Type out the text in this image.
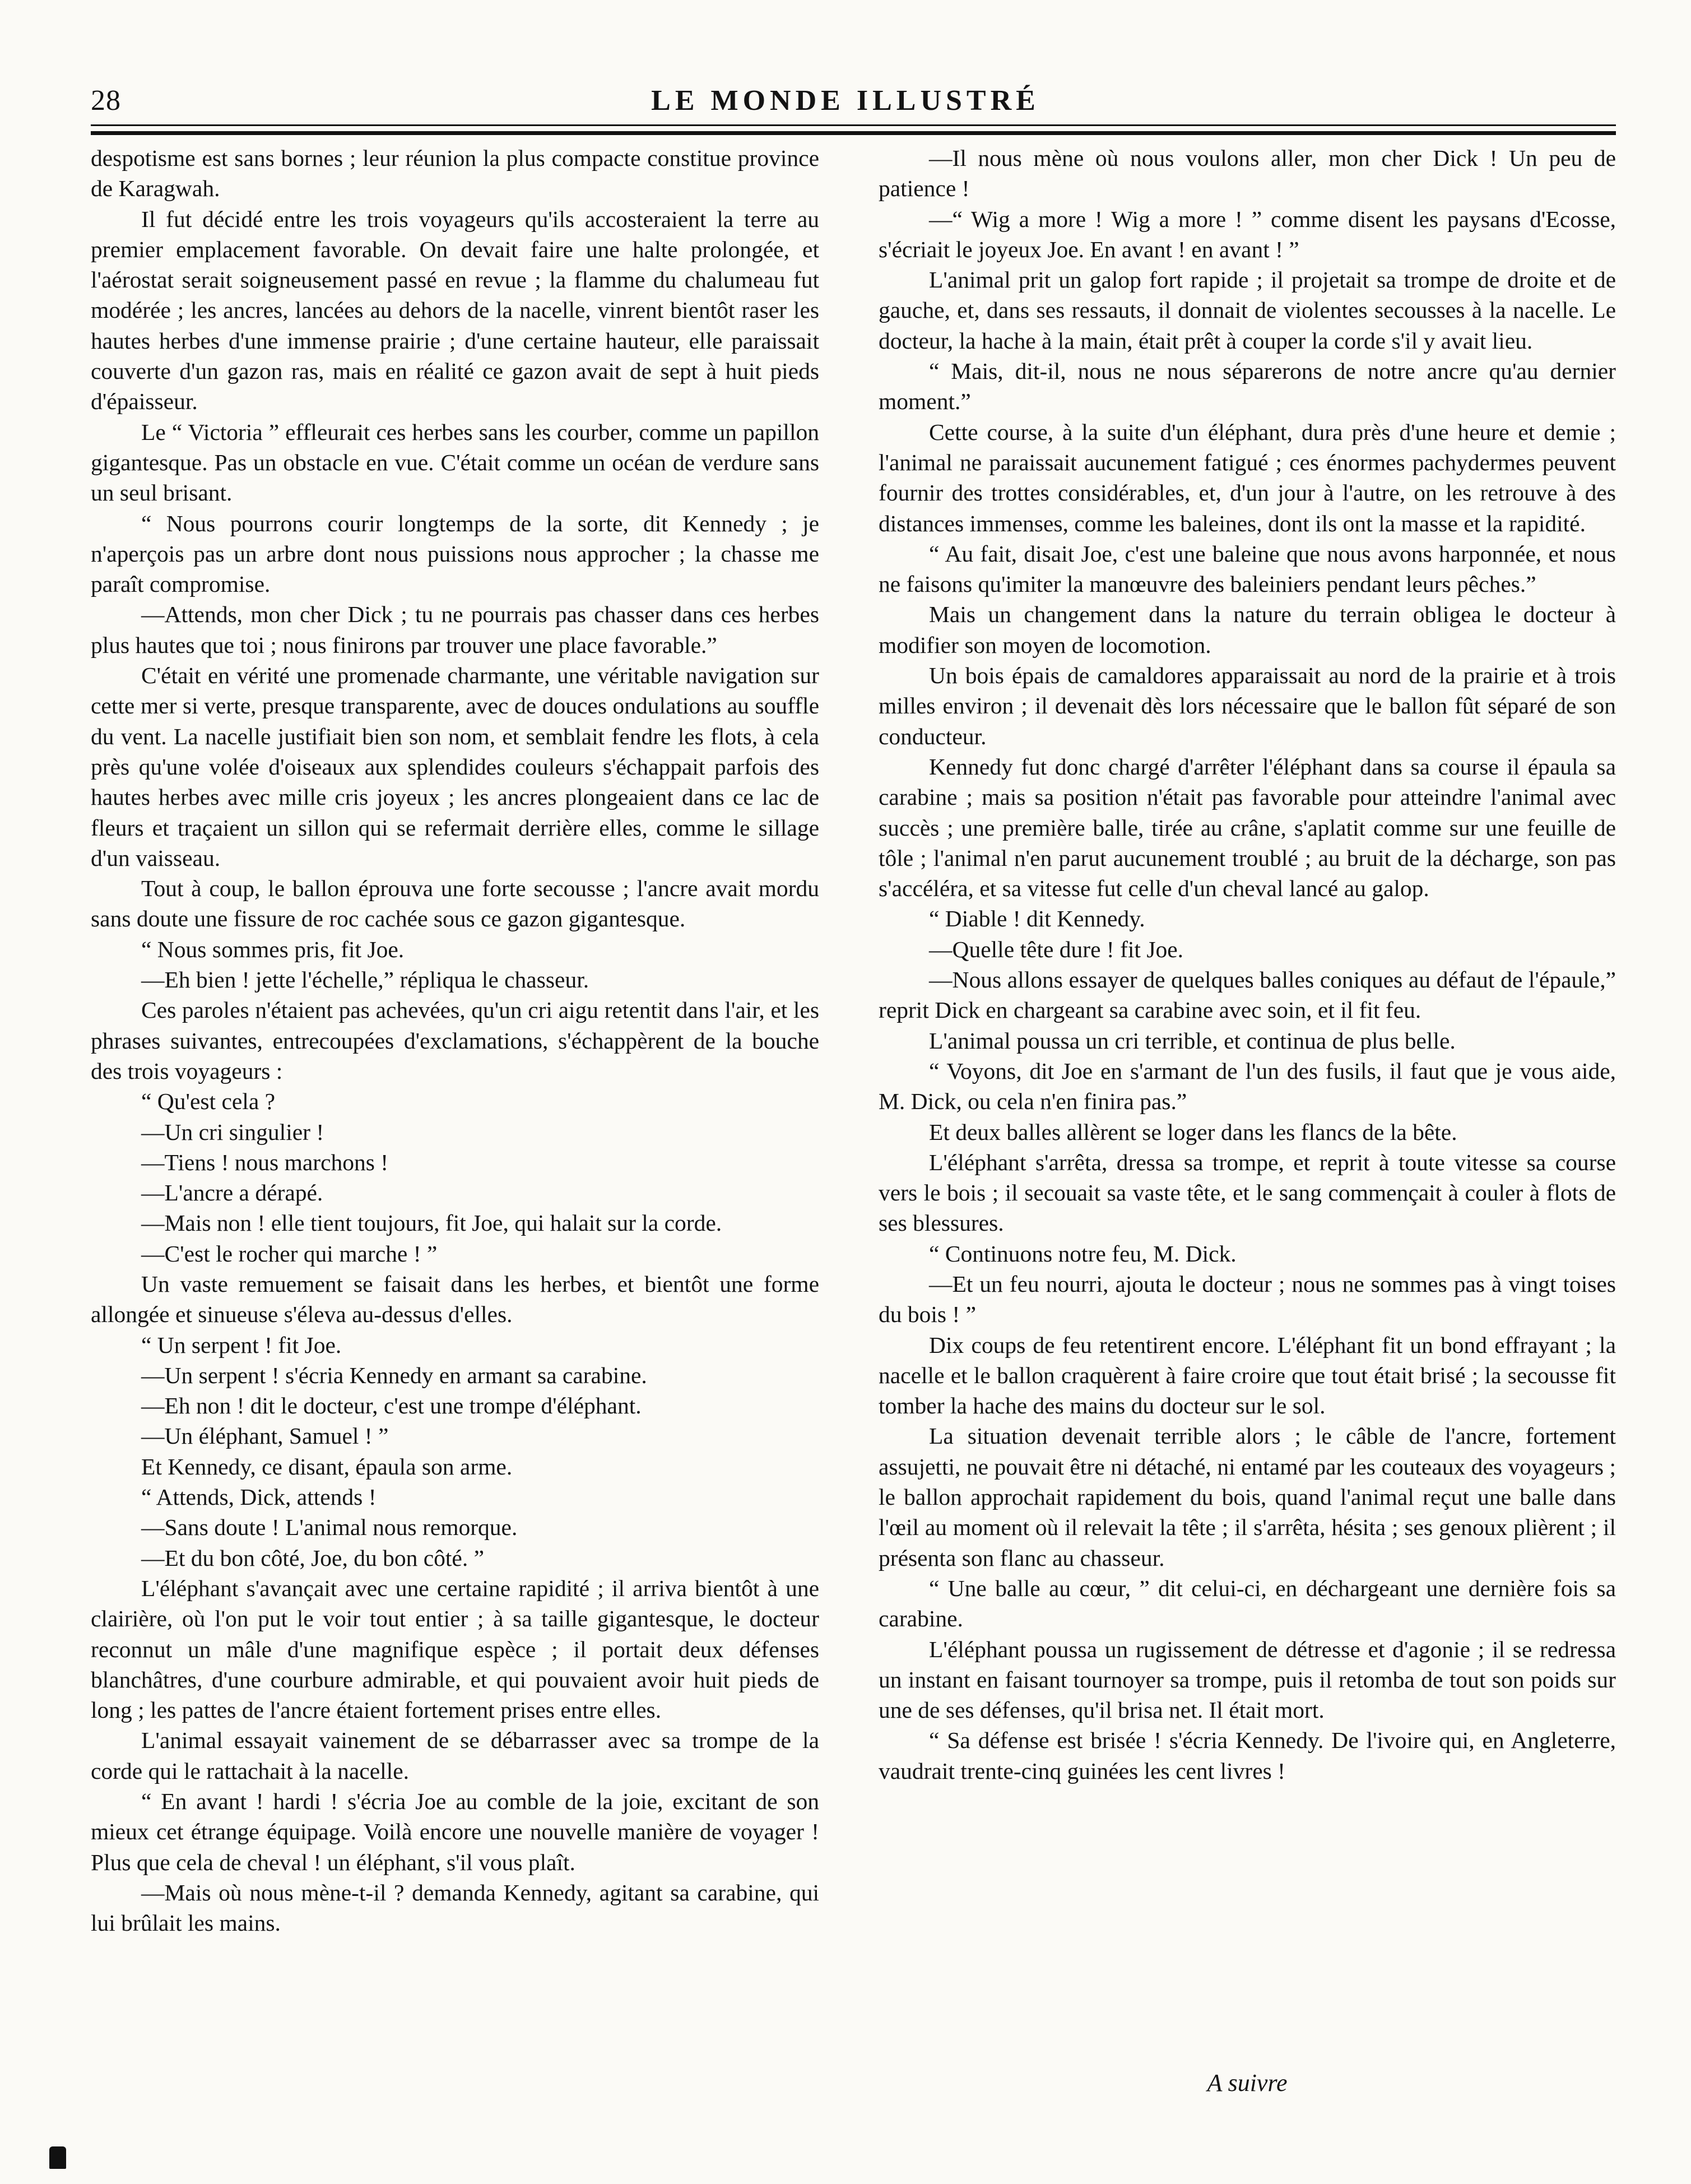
28	LE MONDE ILLUSTRÉ

despotisme est sans bornes ; leur réunion la plus compacte constitue province de Karagwah.

Il fut décidé entre les trois voyageurs qu'ils accosteraient la terre au premier emplacement favorable. On devait faire une halte prolongée, et l'aérostat serait soigneusement passé en revue ; la flamme du chalumeau fut modérée ; les ancres, lancées au dehors de la nacelle, vinrent bientôt raser les hautes herbes d'une immense prairie ; d'une certaine hauteur, elle paraissait couverte d'un gazon ras, mais en réalité ce gazon avait de sept à huit pieds d'épaisseur.

Le “ Victoria ” effleurait ces herbes sans les courber, comme un papillon gigantesque. Pas un obstacle en vue. C'était comme un océan de verdure sans un seul brisant.

“ Nous pourrons courir longtemps de la sorte, dit Kennedy ; je n'aperçois pas un arbre dont nous puissions nous approcher ; la chasse me paraît compromise.

—Attends, mon cher Dick ; tu ne pourrais pas chasser dans ces herbes plus hautes que toi ; nous finirons par trouver une place favorable.”

C'était en vérité une promenade charmante, une véritable navigation sur cette mer si verte, presque transparente, avec de douces ondulations au souffle du vent. La nacelle justifiait bien son nom, et semblait fendre les flots, à cela près qu'une volée d'oiseaux aux splendides couleurs s'échappait parfois des hautes herbes avec mille cris joyeux ; les ancres plongeaient dans ce lac de fleurs et traçaient un sillon qui se refermait derrière elles, comme le sillage d'un vaisseau.

Tout à coup, le ballon éprouva une forte secousse ; l'ancre avait mordu sans doute une fissure de roc cachée sous ce gazon gigantesque.

“ Nous sommes pris, fit Joe.

—Eh bien ! jette l'échelle,” répliqua le chasseur.

Ces paroles n'étaient pas achevées, qu'un cri aigu retentit dans l'air, et les phrases suivantes, entrecoupées d'exclamations, s'échappèrent de la bouche des trois voyageurs :

“ Qu'est cela ?

—Un cri singulier !

—Tiens ! nous marchons !

—L'ancre a dérapé.

—Mais non ! elle tient toujours, fit Joe, qui halait sur la corde.

—C'est le rocher qui marche ! ”

Un vaste remuement se faisait dans les herbes, et bientôt une forme allongée et sinueuse s'éleva au-dessus d'elles.

“ Un serpent ! fit Joe.

—Un serpent ! s'écria Kennedy en armant sa carabine.

—Eh non ! dit le docteur, c'est une trompe d'éléphant.

—Un éléphant, Samuel ! ”

Et Kennedy, ce disant, épaula son arme.

“ Attends, Dick, attends !

—Sans doute ! L'animal nous remorque.

—Et du bon côté, Joe, du bon côté. ”

L'éléphant s'avançait avec une certaine rapidité ; il arriva bientôt à une clairière, où l'on put le voir tout entier ; à sa taille gigantesque, le docteur reconnut un mâle d'une magnifique espèce ; il portait deux défenses blanchâtres, d'une courbure admirable, et qui pouvaient avoir huit pieds de long ; les pattes de l'ancre étaient fortement prises entre elles.

L'animal essayait vainement de se débarrasser avec sa trompe de la corde qui le rattachait à la nacelle.

“ En avant ! hardi ! s'écria Joe au comble de la joie, excitant de son mieux cet étrange équipage. Voilà encore une nouvelle manière de voyager ! Plus que cela de cheval ! un éléphant, s'il vous plaît.

—Mais où nous mène-t-il ? demanda Kennedy, agitant sa carabine, qui lui brûlait les mains.

—Il nous mène où nous voulons aller, mon cher Dick ! Un peu de patience !

—“ Wig a more ! Wig a more ! ” comme disent les paysans d'Ecosse, s'écriait le joyeux Joe. En avant ! en avant ! ”

L'animal prit un galop fort rapide ; il projetait sa trompe de droite et de gauche, et, dans ses ressauts, il donnait de violentes secousses à la nacelle. Le docteur, la hache à la main, était prêt à couper la corde s'il y avait lieu.

“ Mais, dit-il, nous ne nous séparerons de notre ancre qu'au dernier moment.”

Cette course, à la suite d'un éléphant, dura près d'une heure et demie ; l'animal ne paraissait aucunement fatigué ; ces énormes pachydermes peuvent fournir des trottes considérables, et, d'un jour à l'autre, on les retrouve à des distances immenses, comme les baleines, dont ils ont la masse et la rapidité.

“ Au fait, disait Joe, c'est une baleine que nous avons harponnée, et nous ne faisons qu'imiter la manœuvre des baleiniers pendant leurs pêches.”

Mais un changement dans la nature du terrain obligea le docteur à modifier son moyen de locomotion.

Un bois épais de camaldores apparaissait au nord de la prairie et à trois milles environ ; il devenait dès lors nécessaire que le ballon fût séparé de son conducteur.

Kennedy fut donc chargé d'arrêter l'éléphant dans sa course il épaula sa carabine ; mais sa position n'était pas favorable pour atteindre l'animal avec succès ; une première balle, tirée au crâne, s'aplatit comme sur une feuille de tôle ; l'animal n'en parut aucunement troublé ; au bruit de la décharge, son pas s'accéléra, et sa vitesse fut celle d'un cheval lancé au galop.

“ Diable ! dit Kennedy.

—Quelle tête dure ! fit Joe.

—Nous allons essayer de quelques balles coniques au défaut de l'épaule,” reprit Dick en chargeant sa carabine avec soin, et il fit feu.

L'animal poussa un cri terrible, et continua de plus belle.

“ Voyons, dit Joe en s'armant de l'un des fusils, il faut que je vous aide, M. Dick, ou cela n'en finira pas.”

Et deux balles allèrent se loger dans les flancs de la bête.

L'éléphant s'arrêta, dressa sa trompe, et reprit à toute vitesse sa course vers le bois ; il secouait sa vaste tête, et le sang commençait à couler à flots de ses blessures.

“ Continuons notre feu, M. Dick.

—Et un feu nourri, ajouta le docteur ; nous ne sommes pas à vingt toises du bois ! ”

Dix coups de feu retentirent encore. L'éléphant fit un bond effrayant ; la nacelle et le ballon craquèrent à faire croire que tout était brisé ; la secousse fit tomber la hache des mains du docteur sur le sol.

La situation devenait terrible alors ; le câble de l'ancre, fortement assujetti, ne pouvait être ni détaché, ni entamé par les couteaux des voyageurs ; le ballon approchait rapidement du bois, quand l'animal reçut une balle dans l'œil au moment où il relevait la tête ; il s'arrêta, hésita ; ses genoux plièrent ; il présenta son flanc au chasseur.

“ Une balle au cœur, ” dit celui-ci, en déchargeant une dernière fois sa carabine.

L'éléphant poussa un rugissement de détresse et d'agonie ; il se redressa un instant en faisant tournoyer sa trompe, puis il retomba de tout son poids sur une de ses défenses, qu'il brisa net. Il était mort.

“ Sa défense est brisée ! s'écria Kennedy. De l'ivoire qui, en Angleterre, vaudrait trente-cinq guinées les cent livres !

A suivre
